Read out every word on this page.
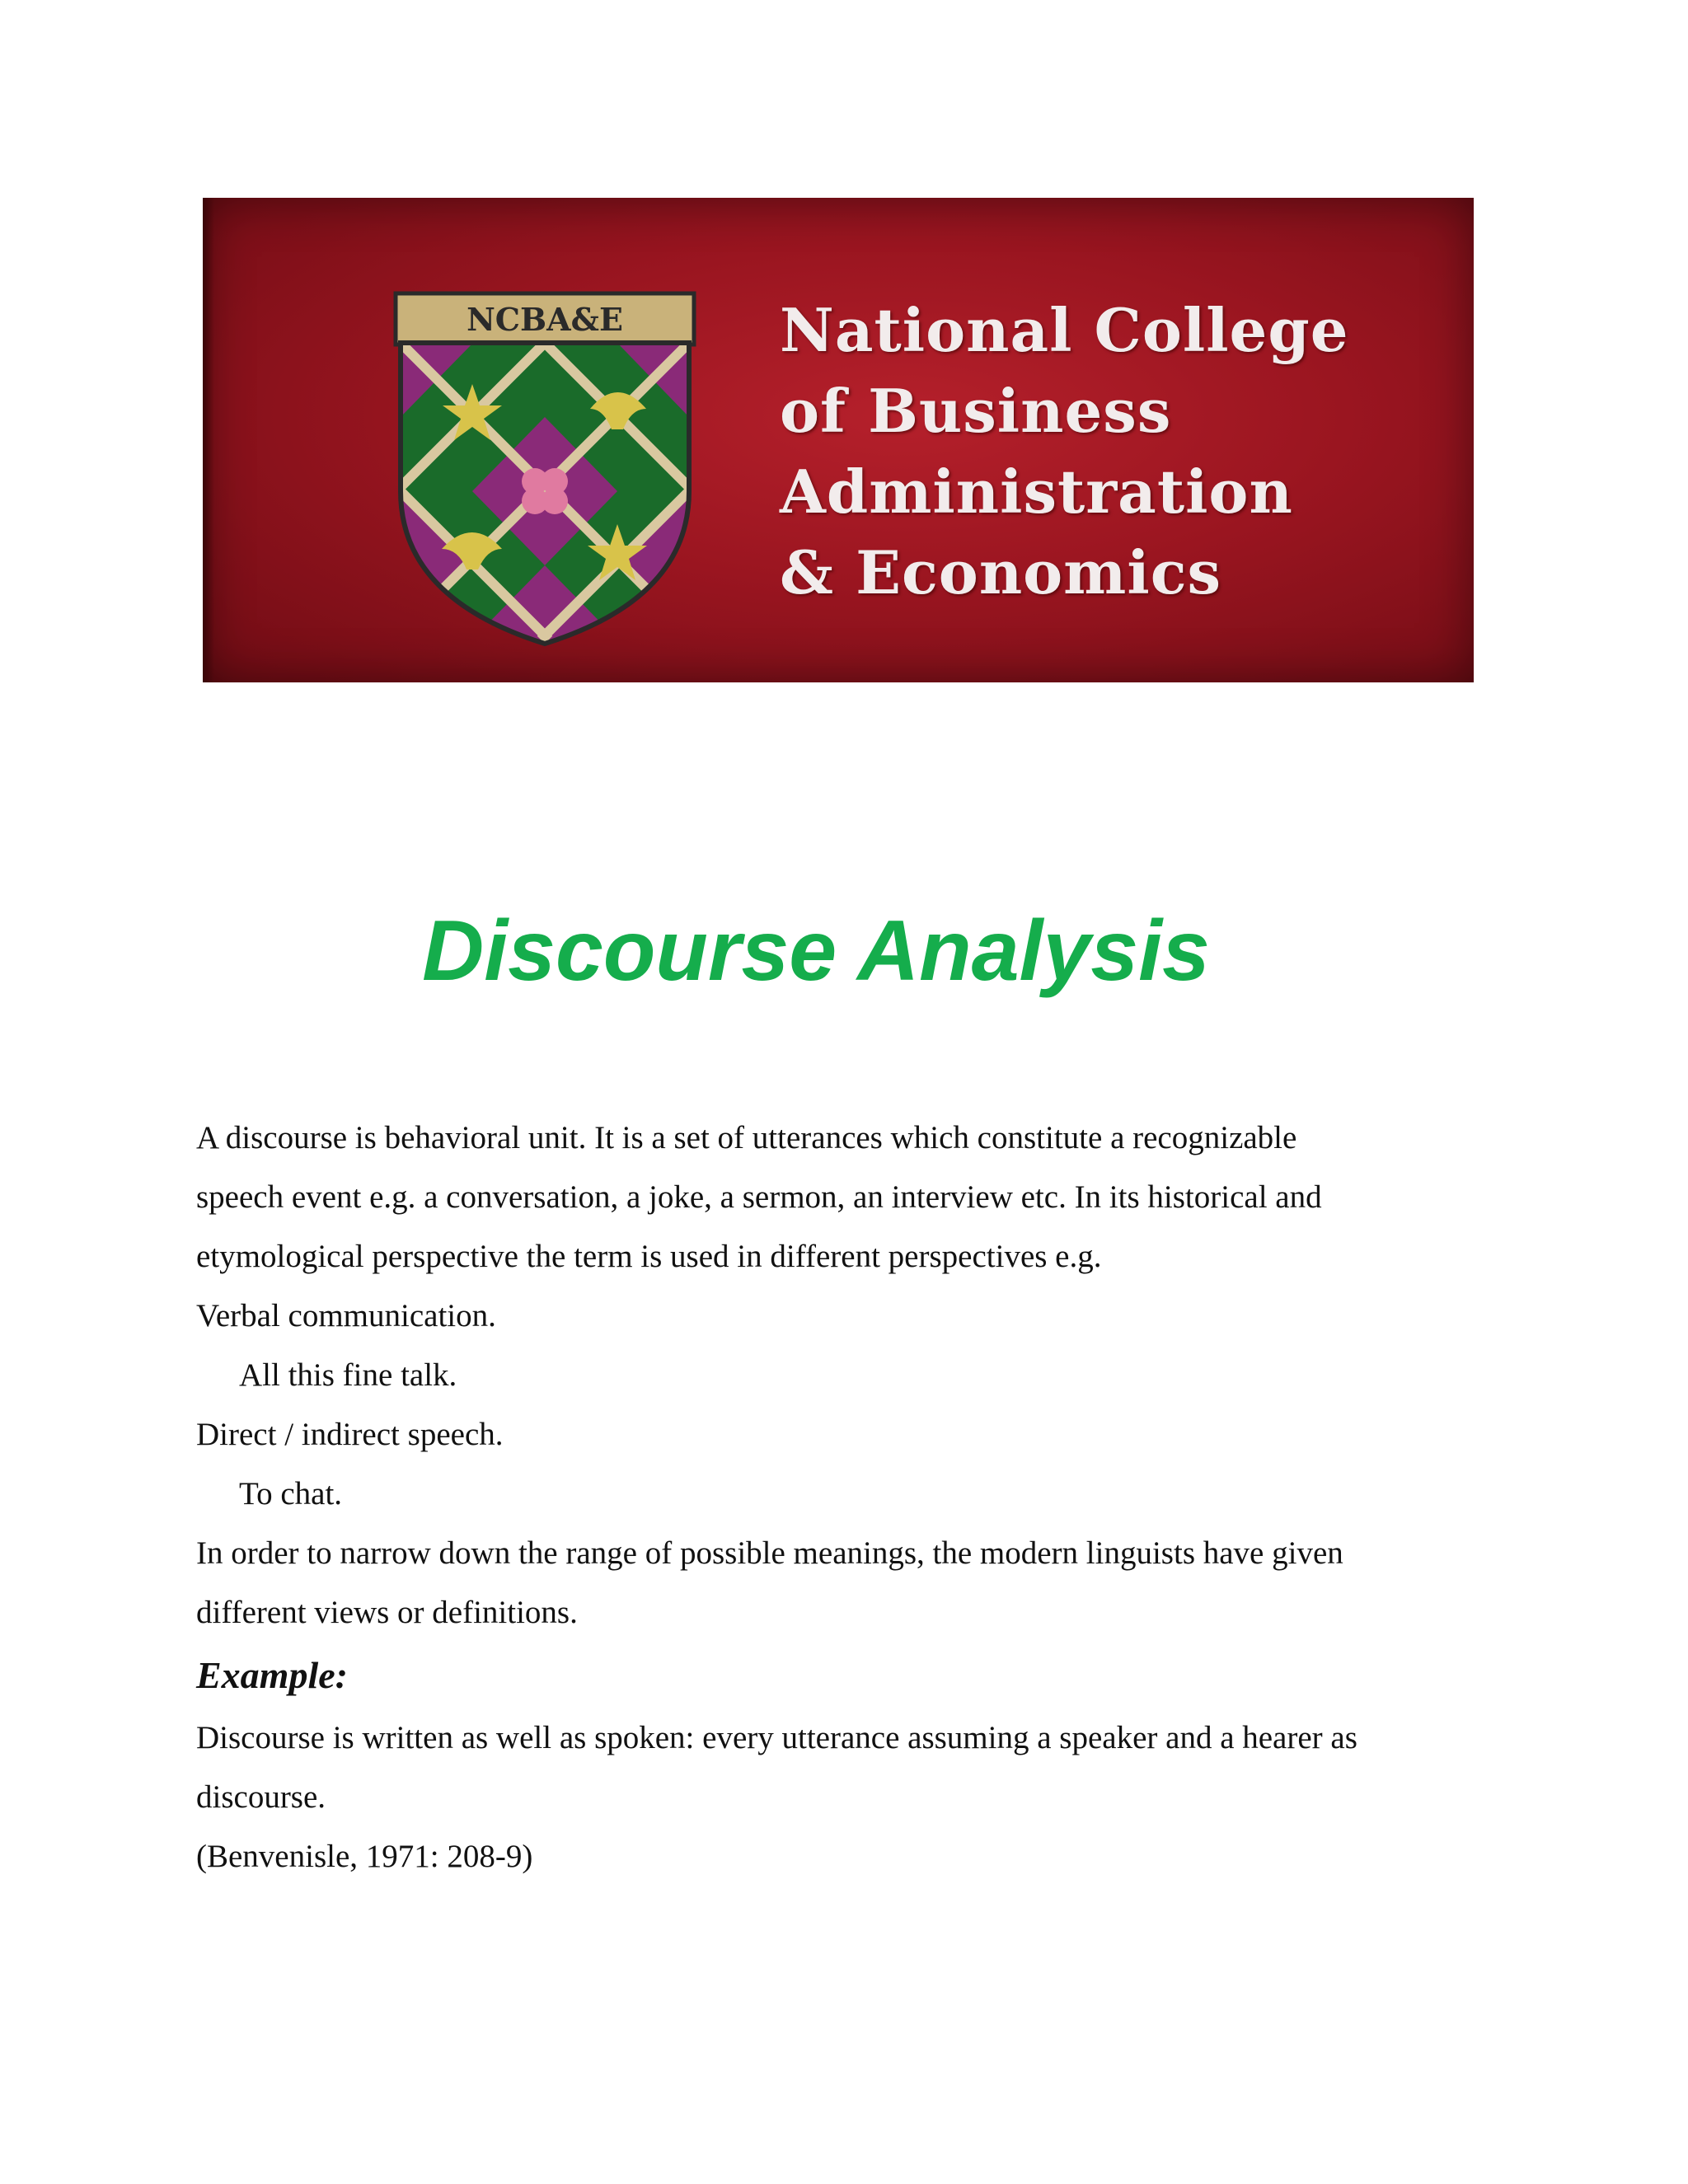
NCBA&E	National College
of Business
Administration
& Economics
Discourse Analysis
A discourse is behavioral unit. It is a set of utterances which constitute a recognizable
speech event e.g. a conversation, a joke, a sermon, an interview etc. In its historical and
etymological perspective the term is used in different perspectives e.g.
Verbal communication.
All this fine talk.
Direct / indirect speech.
To chat.
In order to narrow down the range of possible meanings, the modern linguists have given
different views or definitions.
Example:
Discourse is written as well as spoken: every utterance assuming a speaker and a hearer as
discourse.
(Benvenisle, 1971: 208-9)
